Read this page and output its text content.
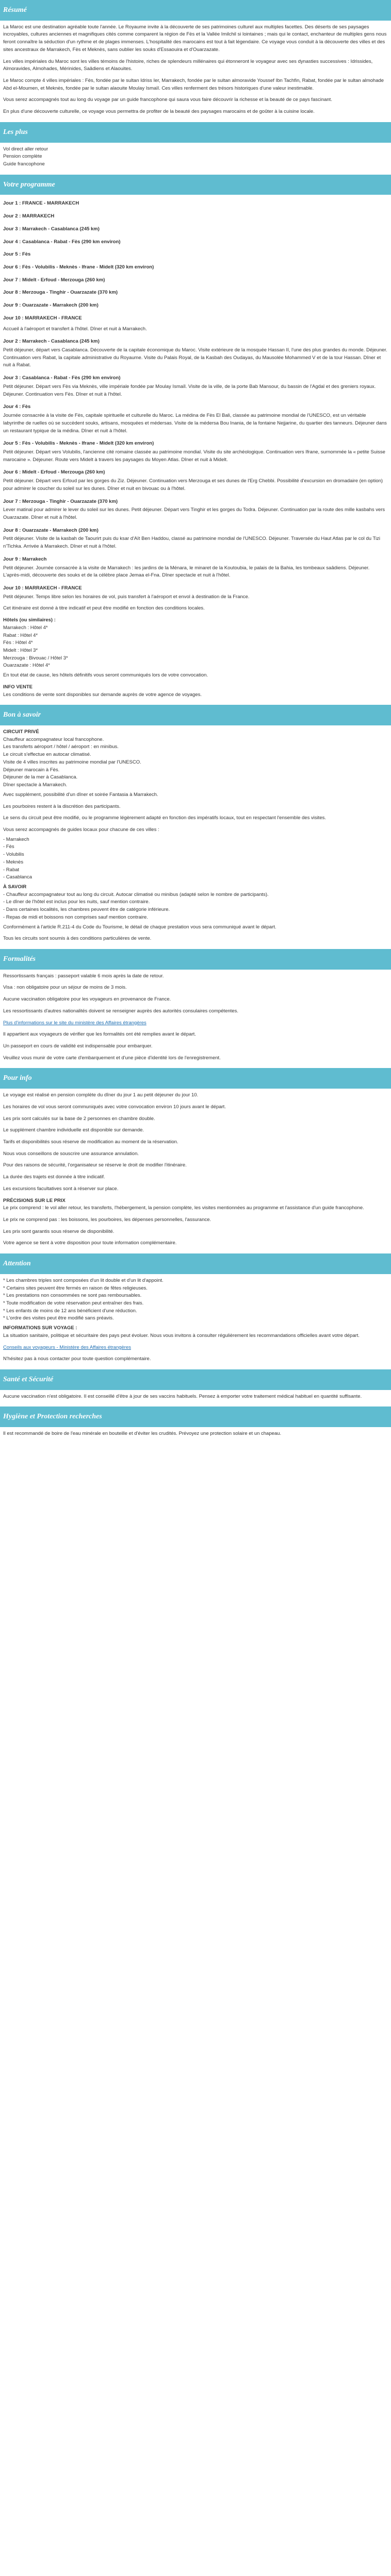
Résumé

La Maroc est une destination agréable toute l'année. Le Royaume invite à la découverte de ses patrimoines culturel aux multiples facettes. Des déserts de ses paysages incroyables, cultures anciennes et magnifiques cités comme comparent la région de Fès et la Vallée Imilchil si lointaines ; mais qui le contact, enchanteur de multiples gens nous feront connaître la séduction d'un rythme et de plages immenses. L'hospitalité des marocains est tout à fait légendaire. Ce voyage vous conduit à la découverte des villes et des sites ancestraux de Marrakech, Fès et Meknès, sans oublier les souks d'Essaouira et d'Ouarzazate.

Les villes impériales du Maroc sont les villes témoins de l'histoire, riches de splendeurs millénaires qui étonneront le voyageur avec ses dynasties successives : Idrissides, Almoravides, Almohades, Mérinides, Saâdiens et Alaouites.

Le Maroc compte 4 villes impériales : Fès, fondée par le sultan Idriss Ier, Marrakech, fondée par le sultan almoravide Youssef Ibn Tachfin, Rabat, fondée par le sultan almohade Abd el-Moumen, et Meknès, fondée par le sultan alaouite Moulay Ismaïl. Ces villes renferment des trésors historiques d'une valeur inestimable.

Vous serez accompagnés tout au long du voyage par un guide francophone qui saura vous faire découvrir la richesse et la beauté de ce pays fascinant.

En plus d'une découverte culturelle, ce voyage vous permettra de profiter de la beauté des paysages marocains et de goûter à la cuisine locale.

Les plus
Vol direct aller retour
Pension complète
Guide francophone
Votre programme
Jour 1 : FRANCE - MARRAKECH
Jour 2 : MARRAKECH
Jour 3 : Marrakech - Casablanca (245 km)
Jour 4 : Casablanca - Rabat - Fès (290 km environ)
Jour 5 : Fès
Jour 6 : Fès - Volubilis - Meknès - Ifrane - Midelt (320 km environ)
Jour 7 : Midelt - Erfoud - Merzouga (260 km)
Jour 8 : Merzouga - Tinghir - Ouarzazate (370 km)
Jour 9 : Ouarzazate - Marrakech (200 km)
Jour 10 : MARRAKECH - FRANCE

Accueil à l'aéroport et transfert à l'hôtel. Dîner et nuit à Marrakech.

Jour 2 : Marrakech - Casablanca (245 km)

Petit déjeuner, départ vers Casablanca. Découverte de la capitale économique du Maroc. Visite extérieure de la mosquée Hassan II, l'une des plus grandes du monde. Déjeuner. Continuation vers Rabat, la capitale administrative du Royaume. Visite du Palais Royal, de la Kasbah des Oudayas, du Mausolée Mohammed V et de la tour Hassan. Dîner et nuit à Rabat.

Jour 3 : Casablanca - Rabat - Fès (290 km environ)

Petit déjeuner. Départ vers Fès via Meknès, ville impériale fondée par Moulay Ismaïl. Visite de la ville, de la porte Bab Mansour, du bassin de l'Agdal et des greniers royaux. Déjeuner. Continuation vers Fès. Dîner et nuit à l'hôtel.

Jour 4 : Fès

Journée consacrée à la visite de Fès, capitale spirituelle et culturelle du Maroc. La médina de Fès El Bali, classée au patrimoine mondial de l'UNESCO, est un véritable labyrinthe de ruelles où se succèdent souks, artisans, mosquées et médersas. Visite de la médersa Bou Inania, de la fontaine Nejjarine, du quartier des tanneurs. Déjeuner dans un restaurant typique de la médina. Dîner et nuit à l'hôtel.

Jour 5 : Fès - Volubilis - Meknès - Ifrane - Midelt (320 km environ)

Petit déjeuner. Départ vers Volubilis, l'ancienne cité romaine classée au patrimoine mondial. Visite du site archéologique. Continuation vers Ifrane, surnommée la « petite Suisse marocaine ». Déjeuner. Route vers Midelt à travers les paysages du Moyen Atlas. Dîner et nuit à Midelt.

Jour 6 : Midelt - Erfoud - Merzouga (260 km)

Petit déjeuner. Départ vers Erfoud par les gorges du Ziz. Déjeuner. Continuation vers Merzouga et ses dunes de l'Erg Chebbi. Possibilité d'excursion en dromadaire (en option) pour admirer le coucher du soleil sur les dunes. Dîner et nuit en bivouac ou à l'hôtel.

Jour 7 : Merzouga - Tinghir - Ouarzazate (370 km)

Lever matinal pour admirer le lever du soleil sur les dunes. Petit déjeuner. Départ vers Tinghir et les gorges du Todra. Déjeuner. Continuation par la route des mille kasbahs vers Ouarzazate. Dîner et nuit à l'hôtel.

Jour 8 : Ouarzazate - Marrakech (200 km)

Petit déjeuner. Visite de la kasbah de Taourirt puis du ksar d'Aït Ben Haddou, classé au patrimoine mondial de l'UNESCO. Déjeuner. Traversée du Haut Atlas par le col du Tizi n'Tichka. Arrivée à Marrakech. Dîner et nuit à l'hôtel.

Jour 9 : Marrakech

Petit déjeuner. Journée consacrée à la visite de Marrakech : les jardins de la Ménara, le minaret de la Koutoubia, le palais de la Bahia, les tombeaux saâdiens. Déjeuner. L'après-midi, découverte des souks et de la célèbre place Jemaa el-Fna. Dîner spectacle et nuit à l'hôtel.

Jour 10 : MARRAKECH - FRANCE

Petit déjeuner. Temps libre selon les horaires de vol, puis transfert à l'aéroport et envol à destination de la France.

Cet itinéraire est donné à titre indicatif et peut être modifié en fonction des conditions locales.

Hôtels (ou similaires) :
Marrakech : Hôtel 4*
Rabat : Hôtel 4*
Fès : Hôtel 4*
Midelt : Hôtel 3*
Merzouga : Bivouac / Hôtel 3*
Ouarzazate : Hôtel 4*

En tout état de cause, les hôtels définitifs vous seront communiqués lors de votre convocation.

INFO VENTE

Les conditions de vente sont disponibles sur demande auprès de votre agence de voyages.

Bon à savoir
CIRCUIT PRIVÉ
Chauffeur accompagnateur local francophone.
Les transferts aéroport / hôtel / aéroport : en minibus.
Le circuit s'effectue en autocar climatisé.
Visite de 4 villes inscrites au patrimoine mondial par l'UNESCO.
Déjeuner marocain à Fès.
Déjeuner de la mer à Casablanca.
Dîner spectacle à Marrakech.

Avec supplément, possibilité d'un dîner et soirée Fantasia à Marrakech.

Les pourboires restent à la discrétion des participants.

Le sens du circuit peut être modifié, ou le programme légèrement adapté en fonction des impératifs locaux, tout en respectant l'ensemble des visites.

Vous serez accompagnés de guides locaux pour chacune de ces villes :
- Marrakech
- Fès
- Volubilis
- Meknès
- Rabat
- Casablanca
À SAVOIR
- Chauffeur accompagnateur tout au long du circuit. Autocar climatisé ou minibus (adapté selon le nombre de participants).
- Le dîner de l'hôtel est inclus pour les nuits, sauf mention contraire.
- Dans certaines localités, les chambres peuvent être de catégorie inférieure.
- Repas de midi et boissons non comprises sauf mention contraire.

Conformément à l'article R.211-4 du Code du Tourisme, le détail de chaque prestation vous sera communiqué avant le départ.

Tous les circuits sont soumis à des conditions particulières de vente.

Formalités

Ressortissants français : passeport valable 6 mois après la date de retour.

Visa : non obligatoire pour un séjour de moins de 3 mois.

Aucune vaccination obligatoire pour les voyageurs en provenance de France.

Les ressortissants d'autres nationalités doivent se renseigner auprès des autorités consulaires compétentes.

Plus d'informations sur le site du ministère des Affaires étrangères

Il appartient aux voyageurs de vérifier que les formalités ont été remplies avant le départ.

Un passeport en cours de validité est indispensable pour embarquer.

Veuillez vous munir de votre carte d'embarquement et d'une pièce d'identité lors de l'enregistrement.

Pour info

Le voyage est réalisé en pension complète du dîner du jour 1 au petit déjeuner du jour 10.

Les horaires de vol vous seront communiqués avec votre convocation environ 10 jours avant le départ.

Les prix sont calculés sur la base de 2 personnes en chambre double.

Le supplément chambre individuelle est disponible sur demande.

Tarifs et disponibilités sous réserve de modification au moment de la réservation.

Nous vous conseillons de souscrire une assurance annulation.

Pour des raisons de sécurité, l'organisateur se réserve le droit de modifier l'itinéraire.

La durée des trajets est donnée à titre indicatif.

Les excursions facultatives sont à réserver sur place.

PRÉCISIONS SUR LE PRIX

Le prix comprend : le vol aller retour, les transferts, l'hébergement, la pension complète, les visites mentionnées au programme et l'assistance d'un guide francophone.

Le prix ne comprend pas : les boissons, les pourboires, les dépenses personnelles, l'assurance.

Les prix sont garantis sous réserve de disponibilité.

Votre agence se tient à votre disposition pour toute information complémentaire.

Attention
* Les chambres triples sont composées d'un lit double et d'un lit d'appoint.
* Certains sites peuvent être fermés en raison de fêtes religieuses.
* Les prestations non consommées ne sont pas remboursables.
* Toute modification de votre réservation peut entraîner des frais.
* Les enfants de moins de 12 ans bénéficient d'une réduction.
* L'ordre des visites peut être modifié sans préavis.
INFORMATIONS SUR VOYAGE :

La situation sanitaire, politique et sécuritaire des pays peut évoluer. Nous vous invitons à consulter régulièrement les recommandations officielles avant votre départ.

Conseils aux voyageurs - Ministère des Affaires étrangères

N'hésitez pas à nous contacter pour toute question complémentaire.

Santé et Sécurité

Aucune vaccination n'est obligatoire. Il est conseillé d'être à jour de ses vaccins habituels. Pensez à emporter votre traitement médical habituel en quantité suffisante.

Hygiène et Protection recherches

Il est recommandé de boire de l'eau minérale en bouteille et d'éviter les crudités. Prévoyez une protection solaire et un chapeau.
